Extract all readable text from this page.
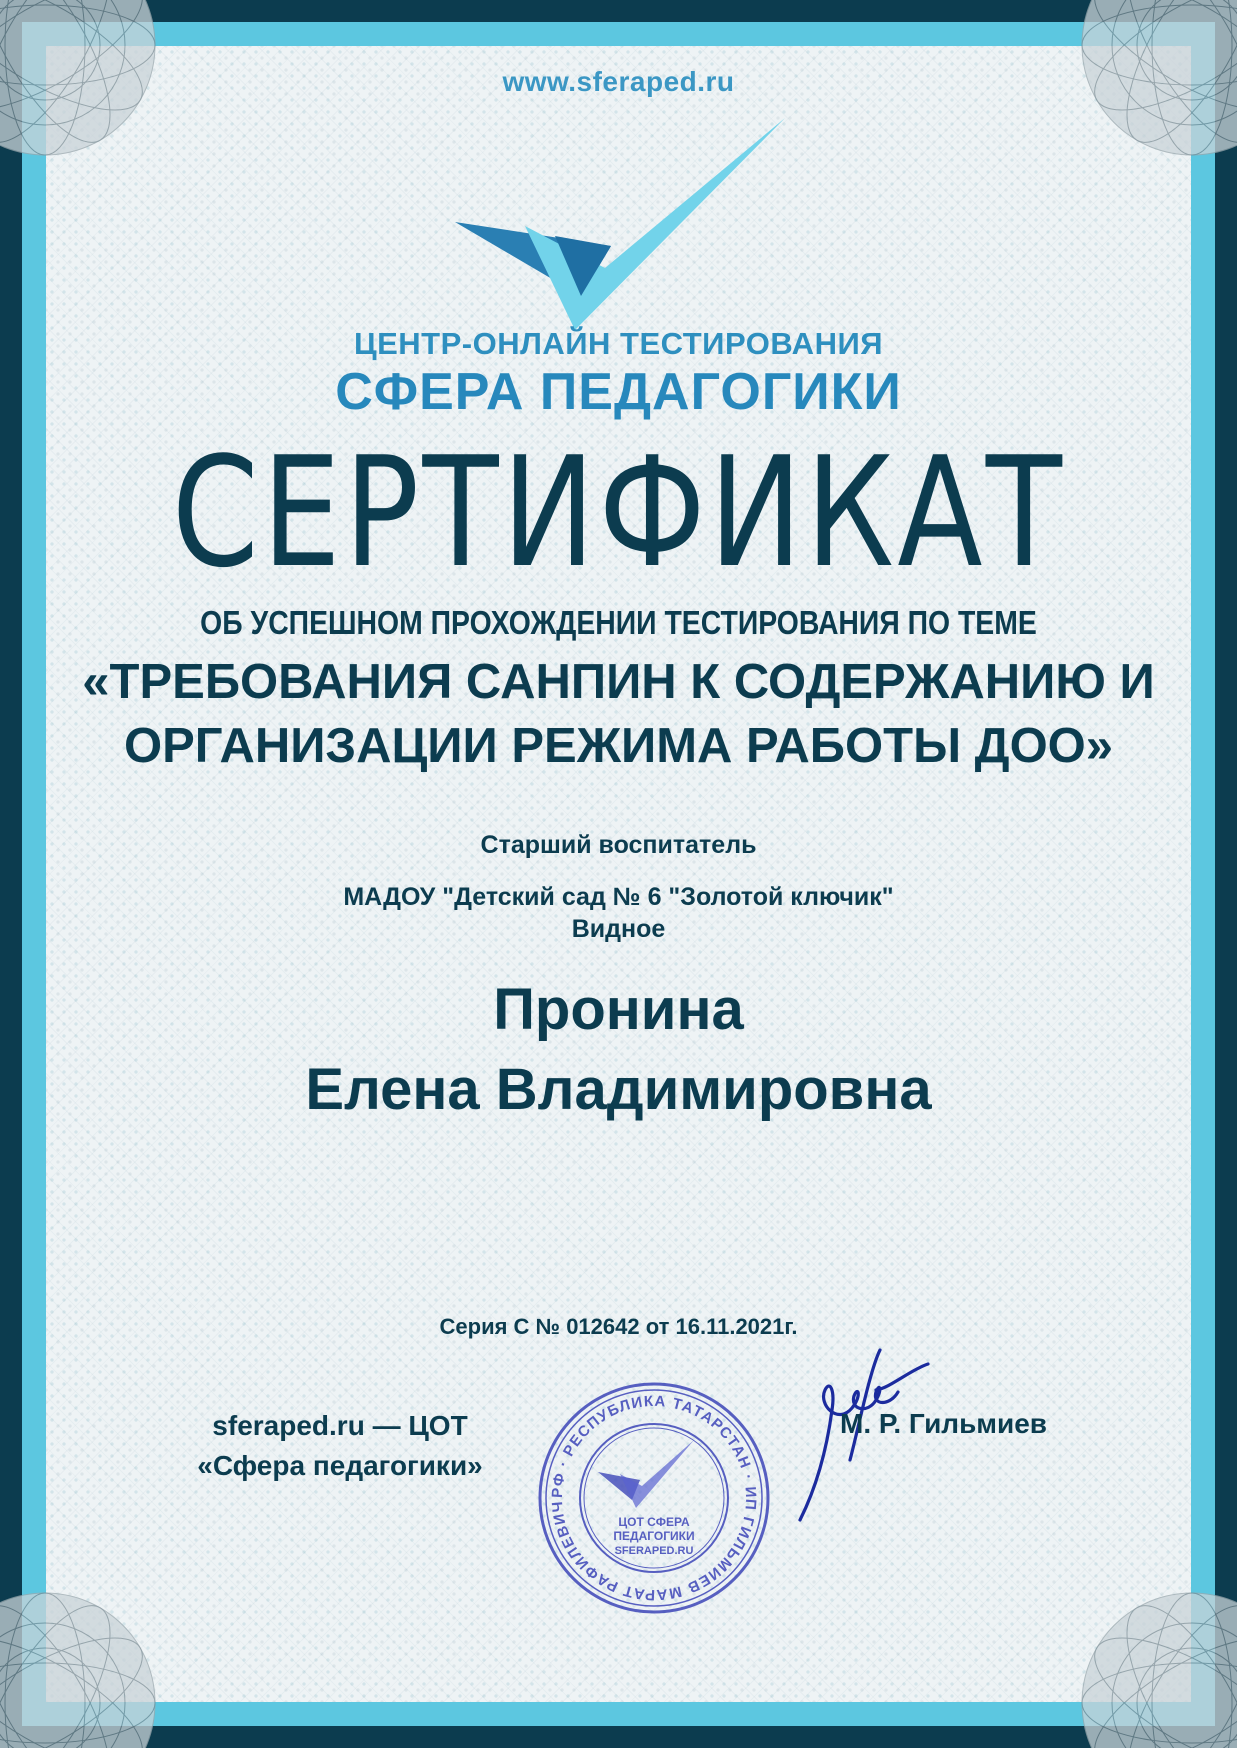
www.sferaped.ru
ЦЕНТР-ОНЛАЙН ТЕСТИРОВАНИЯ
СФЕРА ПЕДАГОГИКИ
СЕРТИФИКАТ
ОБ УСПЕШНОМ ПРОХОЖДЕНИИ ТЕСТИРОВАНИЯ ПО ТЕМЕ
«ТРЕБОВАНИЯ САНПИН К СОДЕРЖАНИЮ И
ОРГАНИЗАЦИИ РЕЖИМА РАБОТЫ ДОО»
Старший воспитатель
МАДОУ "Детский сад № 6 "Золотой ключик"
Видное
Пронина
Елена Владимировна
Серия С № 012642 от 16.11.2021г.
sferaped.ru — ЦОТ
«Сфера педагогики»
РФ · РЕСПУБЛИКА ТАТАРСТАН · ИП ГИЛЬМИЕВ МАРАТ РАФИЛЕВИЧ
ЦОТ СФЕРА
ПЕДАГОГИКИ
SFERAPED.RU
М. Р. Гильмиев
